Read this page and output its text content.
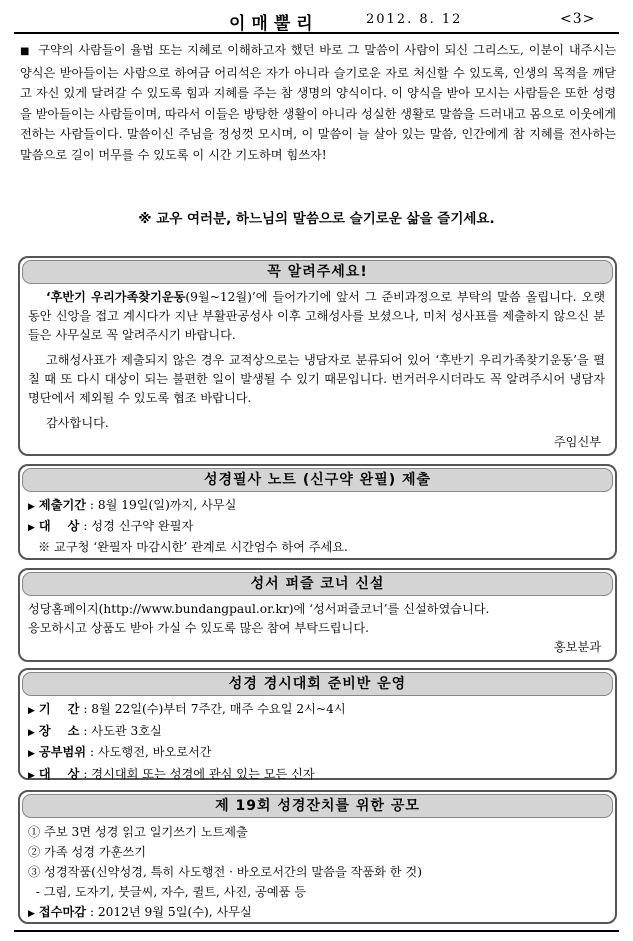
이매뿔리	2012. 8. 12	<3>
■ 구약의 사람들이 율법 또는 지혜로 이해하고자 했던 바로 그 말씀이 사람이 되신 그리스도, 이분이 내주시는 양식은 받아들이는 사람으로 하여금 어리석은 자가 아니라 슬기로운 자로 처신할 수 있도록, 인생의 목적을 깨닫고 자신 있게 달려갈 수 있도록 힘과 지혜를 주는 참 생명의 양식이다. 이 양식을 받아 모시는 사람들은 또한 성령을 받아들이는 사람들이며, 따라서 이들은 방탕한 생활이 아니라 성실한 생활로 말씀을 드러내고 몸으로 이웃에게 전하는 사람들이다. 말씀이신 주님을 정성껏 모시며, 이 말씀이 늘 살아 있는 말씀, 인간에게 참 지혜를 전사하는 말씀으로 길이 머무를 수 있도록 이 시간 기도하며 힘쓰자!
※ 교우 여러분, 하느님의 말씀으로 슬기로운 삶을 즐기세요.
꼭 알려주세요!
‘후반기 우리가족찾기운동(9월~12월)’에 들어가기에 앞서 그 준비과정으로 부탁의 말씀 올립니다. 오랫동안 신앙을 접고 계시다가 지난 부활판공성사 이후 고해성사를 보셨으나, 미처 성사표를 제출하지 않으신 분들은 사무실로 꼭 알려주시기 바랍니다.
고해성사표가 제출되지 않은 경우 교적상으로는 냉담자로 분류되어 있어 ‘후반기 우리가족찾기운동’을 펼칠 때 또 다시 대상이 되는 불편한 일이 발생될 수 있기 때문입니다. 번거러우시더라도 꼭 알려주시어 냉담자 명단에서 제외될 수 있도록 협조 바랍니다.
감사합니다.
주임신부
성경필사 노트 (신구약 완필) 제출
▶ 제출기간 : 8월 19일(일)까지, 사무실
▶ 대    상 : 성경 신구약 완필자
※ 교구청 ‘완필자 마감시한’ 관계로 시간엄수 하여 주세요.
성서 퍼즐 코너 신설
성당홈페이지(http://www.bundangpaul.or.kr)에 ‘성서퍼즐코너’를 신설하였습니다.
응모하시고 상품도 받아 가실 수 있도록 많은 참여 부탁드립니다.
홍보분과
성경 경시대회 준비반 운영
▶ 기    간 : 8월 22일(수)부터 7주간, 매주 수요일 2시~4시
▶ 장    소 : 사도관 3호실
▶ 공부범위 : 사도행전, 바오로서간
▶ 대    상 : 경시대회 또는 성경에 관심 있는 모든 신자
제 19회 성경잔치를 위한 공모
① 주보 3면 성경 읽고 일기쓰기 노트제출
② 가족 성경 가훈쓰기
③ 성경작품(신약성경, 특히 사도행전 · 바오로서간의 말씀을 작품화 한 것)
- 그림, 도자기, 붓글씨, 자수, 퀼트, 사진, 공예품 등
▶ 접수마감 : 2012년 9월 5일(수), 사무실
